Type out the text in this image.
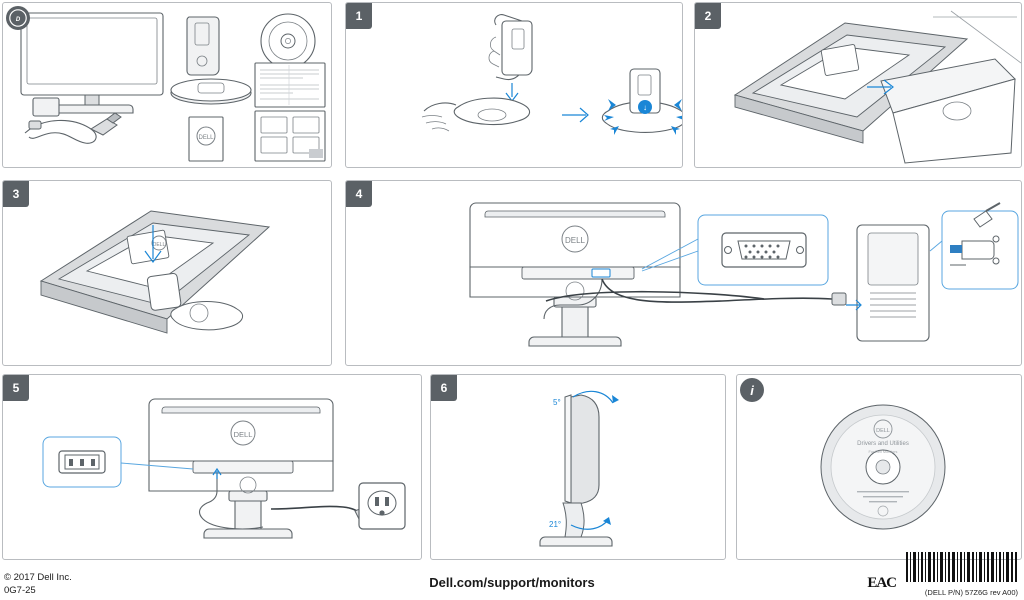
D
DELL
1
↓
2
3
DELL
4
DELL
5
DELL
6
5°
21°
i
DELL
Drivers and Utilities
For Dell Monitors
© 2017 Dell Inc.
0G7-25
Dell.com/support/monitors	EAC
(DELL P/N) 57Z6G rev A00)
